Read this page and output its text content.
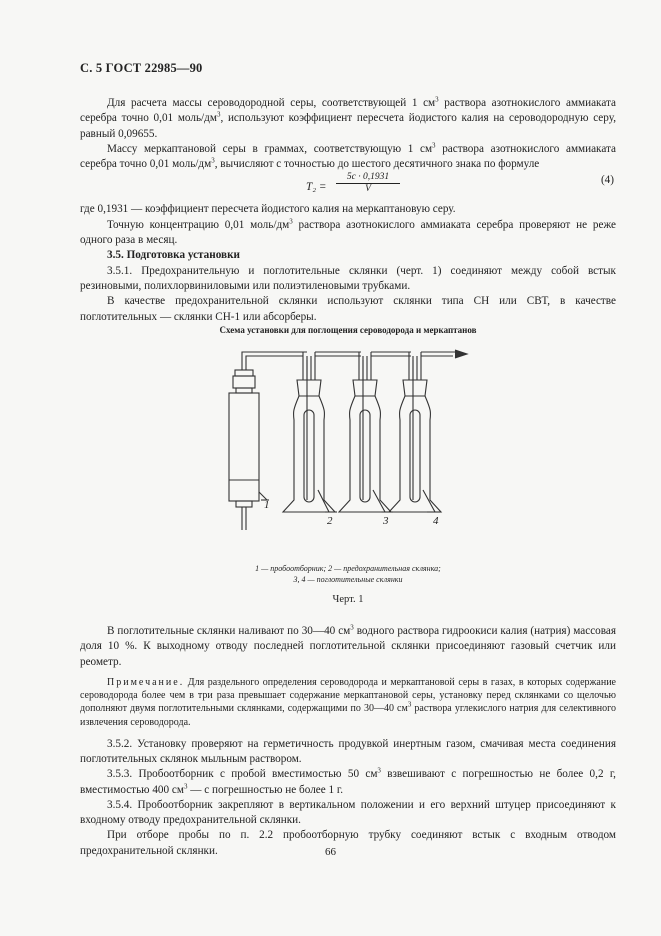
С. 5 ГОСТ 22985—90

Для расчета массы сероводородной серы, соответствующей 1 $см^3$ раствора азотнокислого аммиаката серебра точно 0,01 моль/$дм^3$, используют коэффициент пересчета йодистого калия на сероводородную серу, равный 0,09655.

Массу меркаптановой серы в граммах, соответствующую 1 $см^3$ раствора азотнокислого аммиаката серебра точно 0,01 моль/$дм^3$, вычисляют с точностью до шестого десятичного знака по формуле

$T_2 = \frac{5c \cdot 0,1931}{V}$	(4)

где 0,1931 — коэффициент пересчета йодистого калия на меркаптановую серу.

Точную концентрацию 0,01 моль/$дм^3$ раствора азотнокислого аммиаката серебра проверяют не реже одного раза в месяц.

3.5. Подготовка установки

3.5.1. Предохранительную и поглотительные склянки (черт. 1) соединяют между собой встык резиновыми, полихлорвиниловыми или полиэтиленовыми трубками.

В качестве предохранительной склянки используют склянки типа СН или СВТ, в качестве поглотительных — склянки СН-1 или абсорберы.

Схема установки для поглощения сероводорода и меркаптанов
1
2	3	4
1 — пробоотборник; 2 — предохранительная склянка;
3, 4 — поглотительные склянки
Черт. 1

В поглотительные склянки наливают по 30—40 $см^3$ водного раствора гидроокиси калия (натрия) массовая доля 10 %. К выходному отводу последней поглотительной склянки присоединяют газовый счетчик или реометр.

Примечание. Для раздельного определения сероводорода и меркаптановой серы в газах, в которых содержание сероводорода более чем в три раза превышает содержание меркаптановой серы, установку перед склянками со щелочью дополняют двумя поглотительными склянками, содержащими по 30—40 $см^3$ раствора углекислого натрия для селективного извлечения сероводорода.

3.5.2. Установку проверяют на герметичность продувкой инертным газом, смачивая места соединения поглотительных склянок мыльным раствором.

3.5.3. Пробоотборник с пробой вместимостью 50 $см^3$ взвешивают с погрешностью не более 0,2 г, вместимостью 400 $см^3$ — с погрешностью не более 1 г.

3.5.4. Пробоотборник закрепляют в вертикальном положении и его верхний штуцер присоединяют к входному отводу предохранительной склянки.

При отборе пробы по п. 2.2 пробоотборную трубку соединяют встык с входным отводом предохранительной склянки.	66
